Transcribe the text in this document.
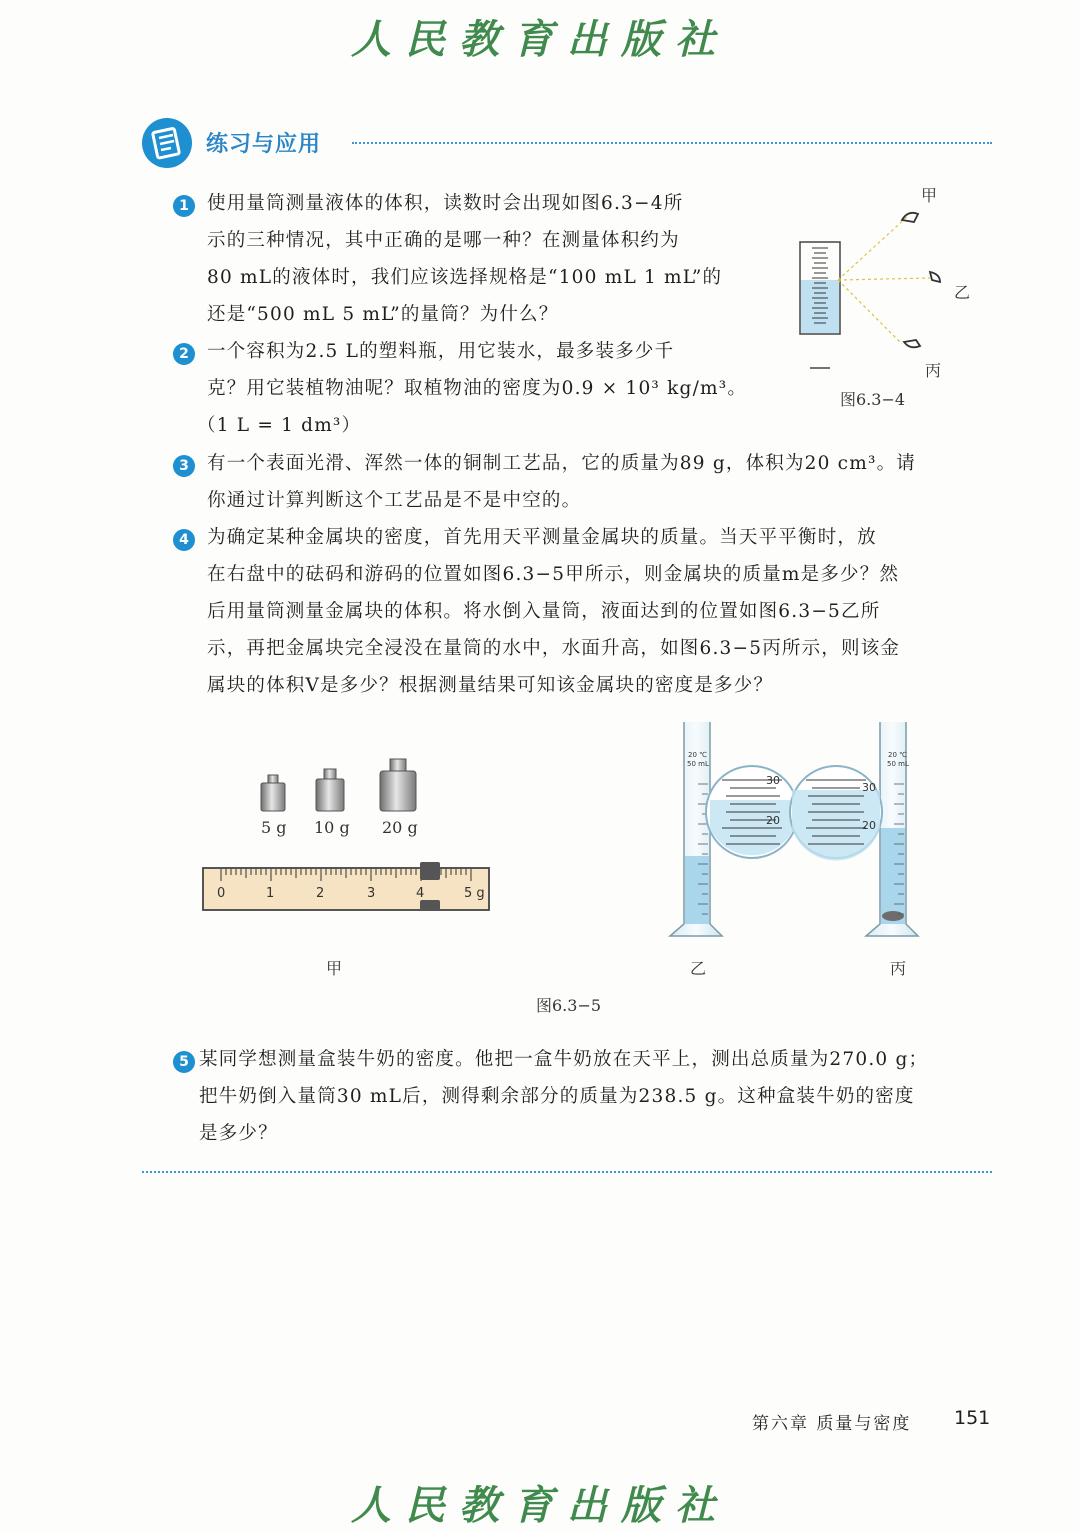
人民教育出版社
练习与应用
1 使用量筒测量液体的体积，读数时会出现如图6.3−4所
示的三种情况，其中正确的是哪一种？在测量体积约为
80 mL的液体时，我们应该选择规格是“100 mL 1 mL”的
还是“500 mL 5 mL”的量筒？为什么？
2 一个容积为2.5 L的塑料瓶，用它装水，最多装多少千
克？用它装植物油呢？取植物油的密度为0.9 × 10³ kg/m³。
（1 L = 1 dm³）
甲
乙
丙
图6.3−4
3 有一个表面光滑、浑然一体的铜制工艺品，它的质量为89 g，体积为20 cm³。请
你通过计算判断这个工艺品是不是中空的。
4 为确定某种金属块的密度，首先用天平测量金属块的质量。当天平平衡时，放
在右盘中的砝码和游码的位置如图6.3−5甲所示，则金属块的质量m是多少？然
后用量筒测量金属块的体积。将水倒入量筒，液面达到的位置如图6.3−5乙所
示，再把金属块完全浸没在量筒的水中，水面升高，如图6.3−5丙所示，则该金
属块的体积V是多少？根据测量结果可知该金属块的密度是多少？
5 g 10 g 20 g
0	1	2	3	4	5 g
20 ℃
50 mL
20 ℃
50 mL
30
20
30
20
甲	乙	丙
图6.3−5
5 某同学想测量盒装牛奶的密度。他把一盒牛奶放在天平上，测出总质量为270.0 g；
把牛奶倒入量筒30 mL后，测得剩余部分的质量为238.5 g。这种盒装牛奶的密度
是多少？
第六章 质量与密度 151
人民教育出版社
